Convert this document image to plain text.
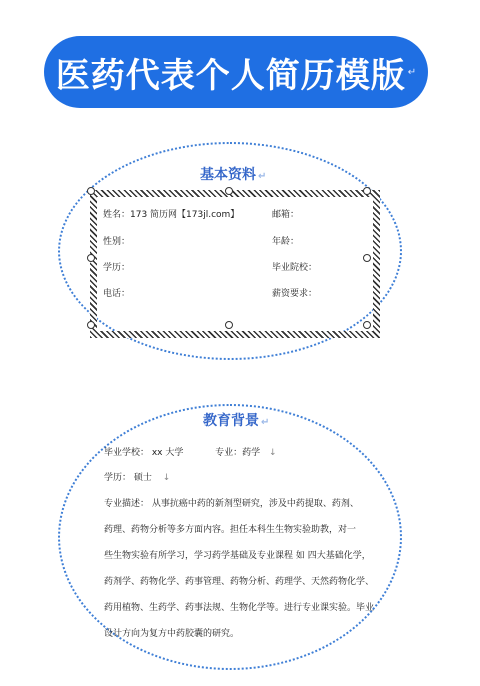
医药代表个人简历模版 ↵
基本资料 ↵
姓名：173 简历网【173jl.com】	邮箱：
性别：	年龄：
学历：	毕业院校：
电话：	薪资要求：
教育背景 ↵
毕业学校： xx 大学	专业：药学 ↓
学历： 硕士 ↓
专业描述： 从事抗癌中药的新剂型研究，涉及中药提取、药剂、
药理、药物分析等多方面内容。担任本科生生物实验助教，对一
些生物实验有所学习，学习药学基础及专业课程 如 四大基础化学，
药剂学、药物化学、药事管理、药物分析、药理学、天然药物化学、
药用植物、生药学、药事法规、生物化学等。进行专业课实验。毕业
设计方向为复方中药胶囊的研究。
